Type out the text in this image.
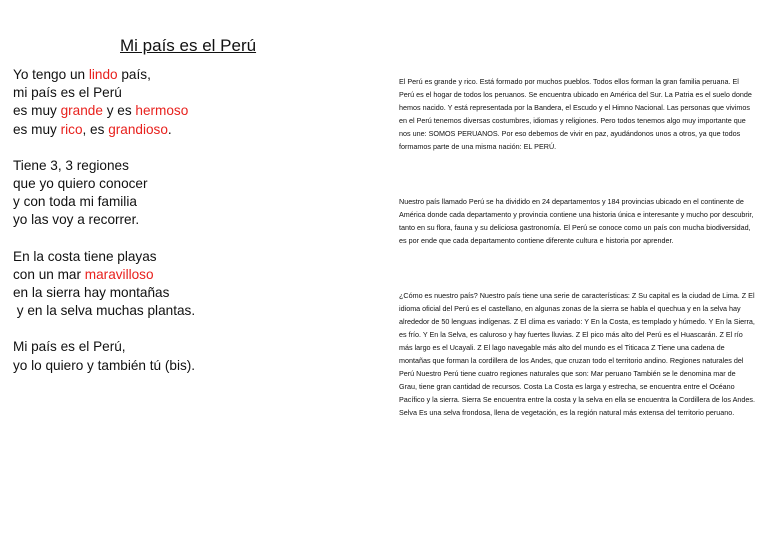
Mi país es el Perú
Yo tengo un lindo país,
mi país es el Perú
es muy grande y es hermoso
es muy rico, es grandioso.
Tiene 3, 3 regiones
que yo quiero conocer
y con toda mi familia
yo las voy a recorrer.
En la costa tiene playas
con un mar maravilloso
en la sierra hay montañas
y en la selva muchas plantas.
Mi país es el Perú,
yo lo quiero y también tú (bis).
El Perú es grande y rico. Está formado por muchos pueblos. Todos ellos forman la gran familia peruana. El Perú es el hogar de todos los peruanos. Se encuentra ubicado en América del Sur. La Patria es el suelo donde hemos nacido. Y está representada por la Bandera, el Escudo y el Himno Nacional. Las personas que vivimos en el Perú tenemos diversas costumbres, idiomas y religiones. Pero todos tenemos algo muy importante que nos une: SOMOS PERUANOS. Por eso debemos de vivir en paz, ayudándonos unos a otros, ya que todos formamos parte de una misma nación: EL PERÚ.
Nuestro país llamado Perú se ha dividido en 24 departamentos y 184 provincias ubicado en el continente de América donde cada departamento y provincia contiene una historia única e interesante y mucho por descubrir, tanto en su flora, fauna y su deliciosa gastronomía. El Perú se conoce como un país con mucha biodiversidad, es por ende que cada departamento contiene diferente cultura e historia por aprender.
¿Cómo es nuestro país? Nuestro país tiene una serie de características: Z Su capital es la ciudad de Lima. Z El idioma oficial del Perú es el castellano, en algunas zonas de la sierra se habla el quechua y en la selva hay alrededor de 50 lenguas indígenas. Z El clima es variado: Y En la Costa, es templado y húmedo. Y En la Sierra, es frío. Y En la Selva, es caluroso y hay fuertes lluvias. Z El pico más alto del Perú es el Huascarán. Z El río más largo es el Ucayali. Z El lago navegable más alto del mundo es el Titicaca Z Tiene una cadena de montañas que forman la cordillera de los Andes, que cruzan todo el territorio andino. Regiones naturales del Perú Nuestro Perú tiene cuatro regiones naturales que son: Mar peruano También se le denomina mar de Grau, tiene gran cantidad de recursos. Costa La Costa es larga y estrecha, se encuentra entre el Océano Pacífico y la sierra. Sierra Se encuentra entre la costa y la selva en ella se encuentra la Cordillera de los Andes. Selva Es una selva frondosa, llena de vegetación, es la región natural más extensa del territorio peruano.
